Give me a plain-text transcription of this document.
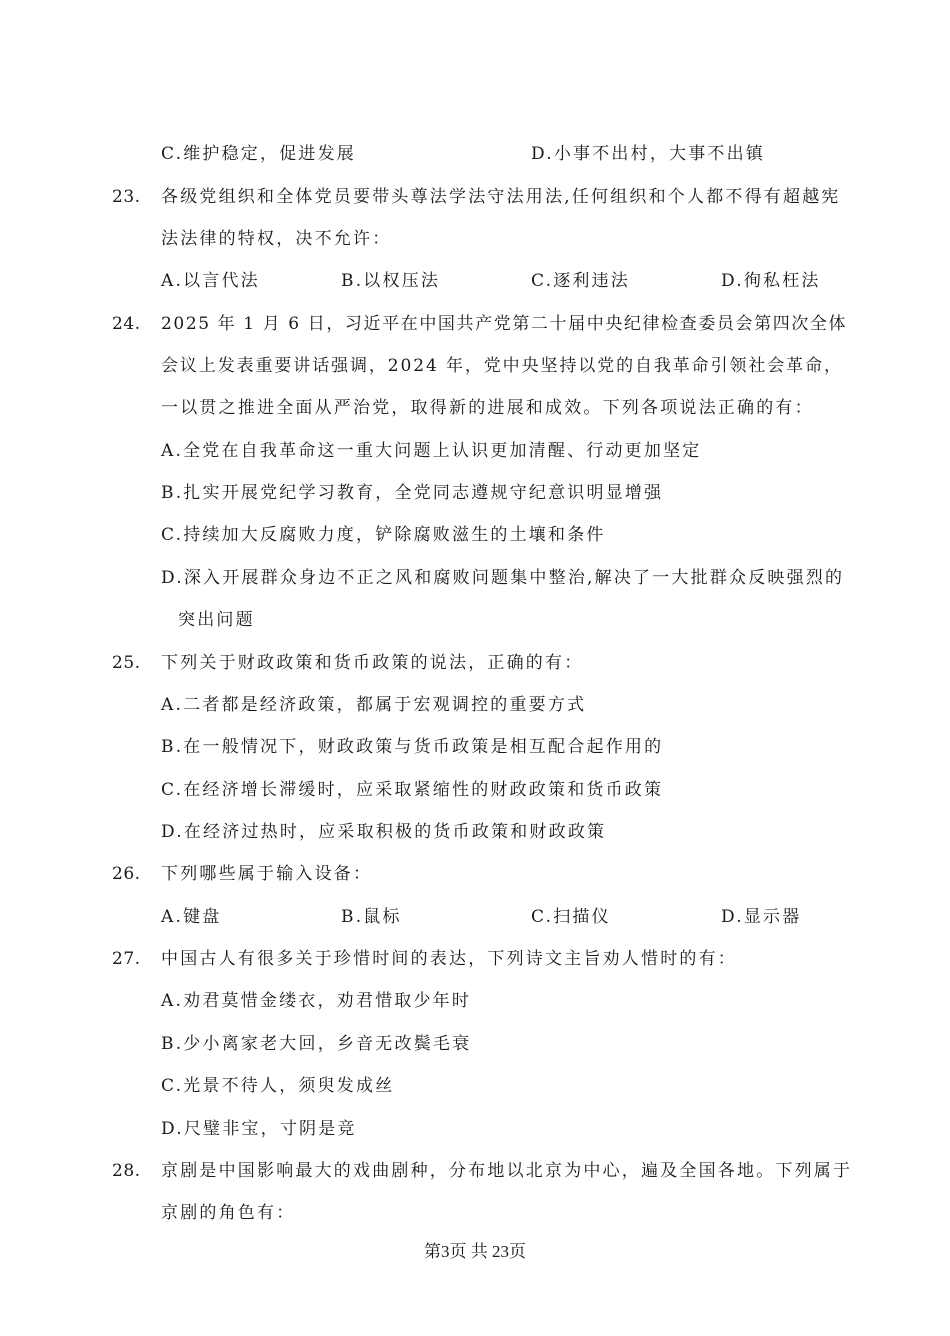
C.维护稳定，促进发展	D.小事不出村，大事不出镇
23. 各级党组织和全体党员要带头尊法学法守法用法,任何组织和个人都不得有超越宪
法法律的特权，决不允许：
A.以言代法	B.以权压法	C.逐利违法	D.徇私枉法
24. 2025 年 1 月 6 日，习近平在中国共产党第二十届中央纪律检查委员会第四次全体
会议上发表重要讲话强调，2024 年，党中央坚持以党的自我革命引领社会革命，
一以贯之推进全面从严治党，取得新的进展和成效。下列各项说法正确的有：
A.全党在自我革命这一重大问题上认识更加清醒、行动更加坚定
B.扎实开展党纪学习教育，全党同志遵规守纪意识明显增强
C.持续加大反腐败力度，铲除腐败滋生的土壤和条件
D.深入开展群众身边不正之风和腐败问题集中整治,解决了一大批群众反映强烈的
突出问题
25. 下列关于财政政策和货币政策的说法，正确的有：
A.二者都是经济政策，都属于宏观调控的重要方式
B.在一般情况下，财政政策与货币政策是相互配合起作用的
C.在经济增长滞缓时，应采取紧缩性的财政政策和货币政策
D.在经济过热时，应采取积极的货币政策和财政政策
26. 下列哪些属于输入设备：
A.键盘	B.鼠标	C.扫描仪	D.显示器
27. 中国古人有很多关于珍惜时间的表达，下列诗文主旨劝人惜时的有：
A.劝君莫惜金缕衣，劝君惜取少年时
B.少小离家老大回，乡音无改鬓毛衰
C.光景不待人，须臾发成丝
D.尺璧非宝，寸阴是竞
28. 京剧是中国影响最大的戏曲剧种，分布地以北京为中心，遍及全国各地。下列属于
京剧的角色有：
第3页 共 23页
